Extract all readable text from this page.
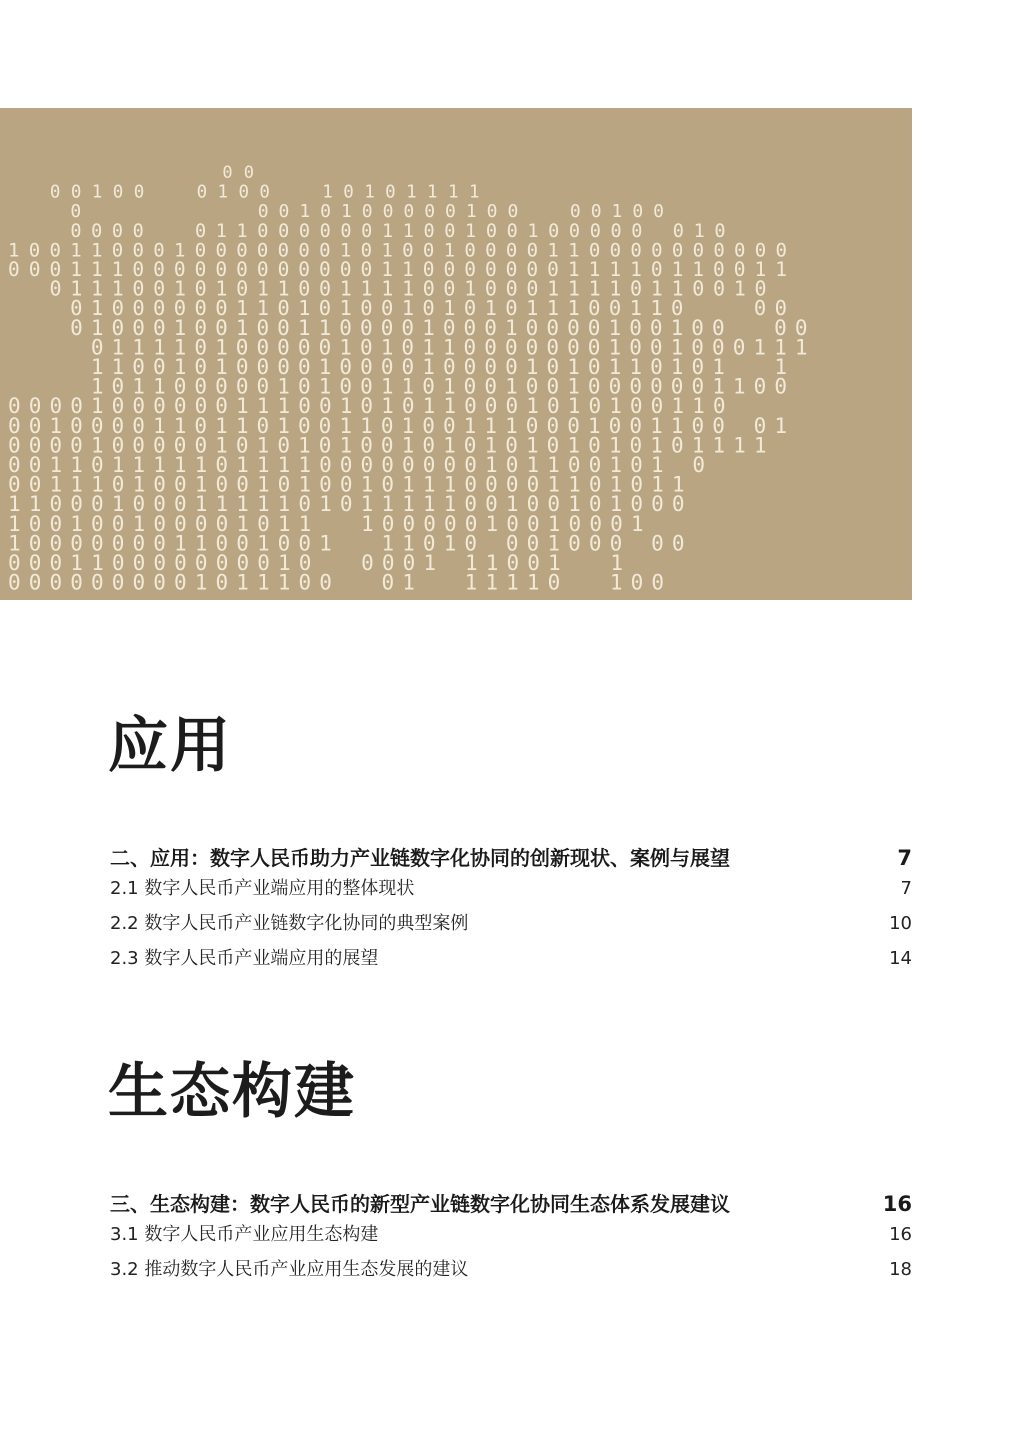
00
00100  0100  10101111
0        0010100000100  00100
0000  0110000001100100100000 010
10011000100000001010010000110000000000
00011100000000000011000000011110110011
01110010101100111100100011110110010
010000001101010010101011100110   00
01000100100110000100010000100100  00
01111010000010101100000001001000111
1100101000010000100001010110101  1
1011000001010011010010010000001100
00001000000111001010110001010100110
00100001101101001101001110001001100 01
0000100000101010100101010101010101111
00110111110111100000000101100101 0
001110100100101001011100001101011
110001000111110101111100100101000
100100100001011  10000010010001
1000000011001001  11010 001000 00
000110000000010  0001 11001  1
0000000001011100  01  11110  100
应用
二、应用：数字人民币助力产业链数字化协同的创新现状、案例与展望	7
2.1 数字人民币产业端应用的整体现状	7
2.2 数字人民币产业链数字化协同的典型案例	10
2.3 数字人民币产业端应用的展望	14
生态构建
三、生态构建：数字人民币的新型产业链数字化协同生态体系发展建议	16
3.1 数字人民币产业应用生态构建	16
3.2 推动数字人民币产业应用生态发展的建议	18
